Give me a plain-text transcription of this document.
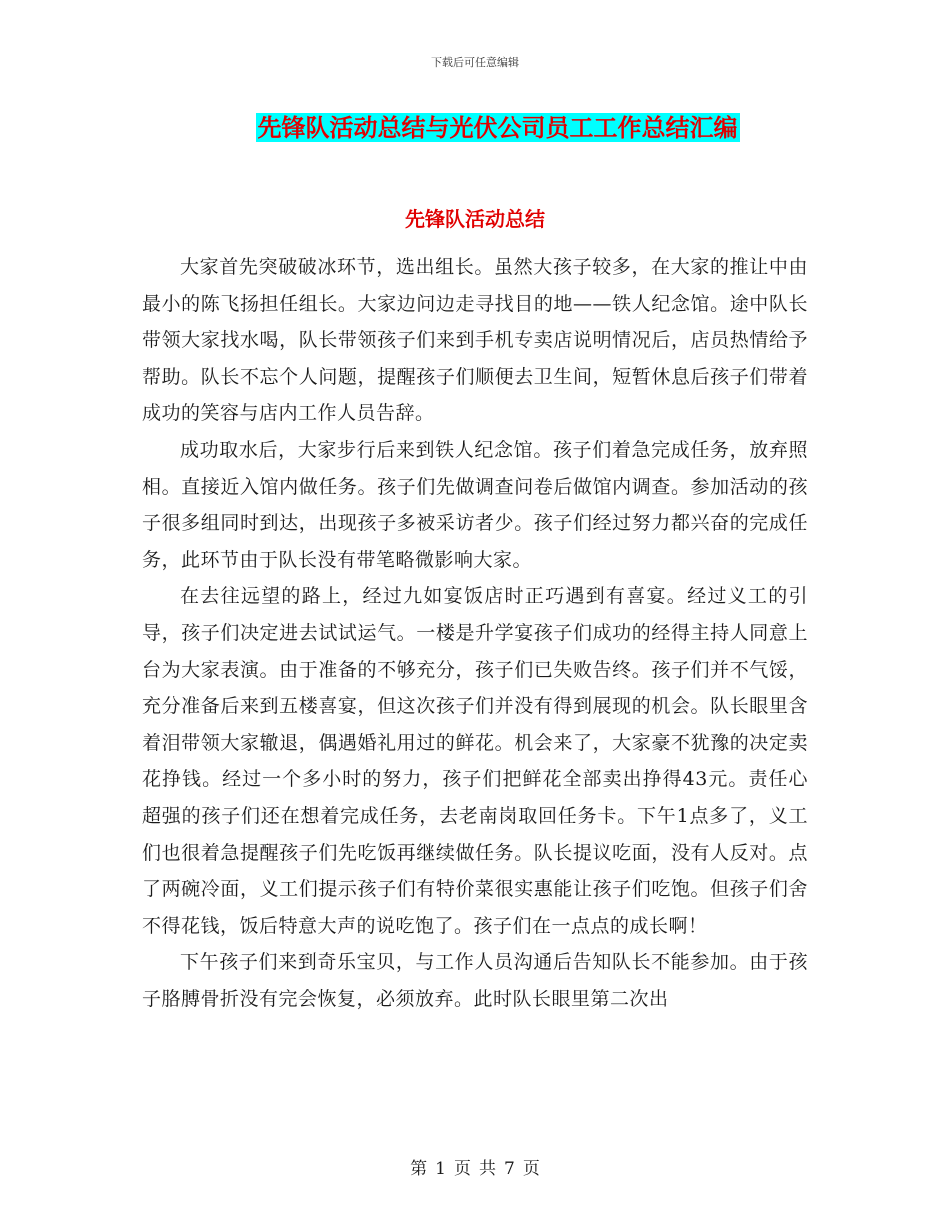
下载后可任意编辑
先锋队活动总结与光伏公司员工工作总结汇编
先锋队活动总结

大家首先突破破冰环节，选出组长。虽然大孩子较多，在大家的推让中由最小的陈飞扬担任组长。大家边问边走寻找目的地——铁人纪念馆。途中队长带领大家找水喝，队长带领孩子们来到手机专卖店说明情况后，店员热情给予帮助。队长不忘个人问题，提醒孩子们顺便去卫生间，短暂休息后孩子们带着成功的笑容与店内工作人员告辞。

成功取水后，大家步行后来到铁人纪念馆。孩子们着急完成任务，放弃照相。直接近入馆内做任务。孩子们先做调查问卷后做馆内调查。参加活动的孩子很多组同时到达，出现孩子多被采访者少。孩子们经过努力都兴奋的完成任务，此环节由于队长没有带笔略微影响大家。

在去往远望的路上，经过九如宴饭店时正巧遇到有喜宴。经过义工的引导，孩子们决定进去试试运气。一楼是升学宴孩子们成功的经得主持人同意上台为大家表演。由于准备的不够充分，孩子们已失败告终。孩子们并不气馁，充分准备后来到五楼喜宴，但这次孩子们并没有得到展现的机会。队长眼里含着泪带领大家辙退，偶遇婚礼用过的鲜花。机会来了，大家豪不犹豫的决定卖花挣钱。经过一个多小时的努力，孩子们把鲜花全部卖出挣得43元。责任心超强的孩子们还在想着完成任务，去老南岗取回任务卡。下午1点多了，义工们也很着急提醒孩子们先吃饭再继续做任务。队长提议吃面，没有人反对。点了两碗冷面，义工们提示孩子们有特价菜很实惠能让孩子们吃饱。但孩子们舍不得花钱，饭后特意大声的说吃饱了。孩子们在一点点的成长啊！

下午孩子们来到奇乐宝贝，与工作人员沟通后告知队长不能参加。由于孩子胳膊骨折没有完会恢复，必须放弃。此时队长眼里第二次出

第 1 页 共 7 页
